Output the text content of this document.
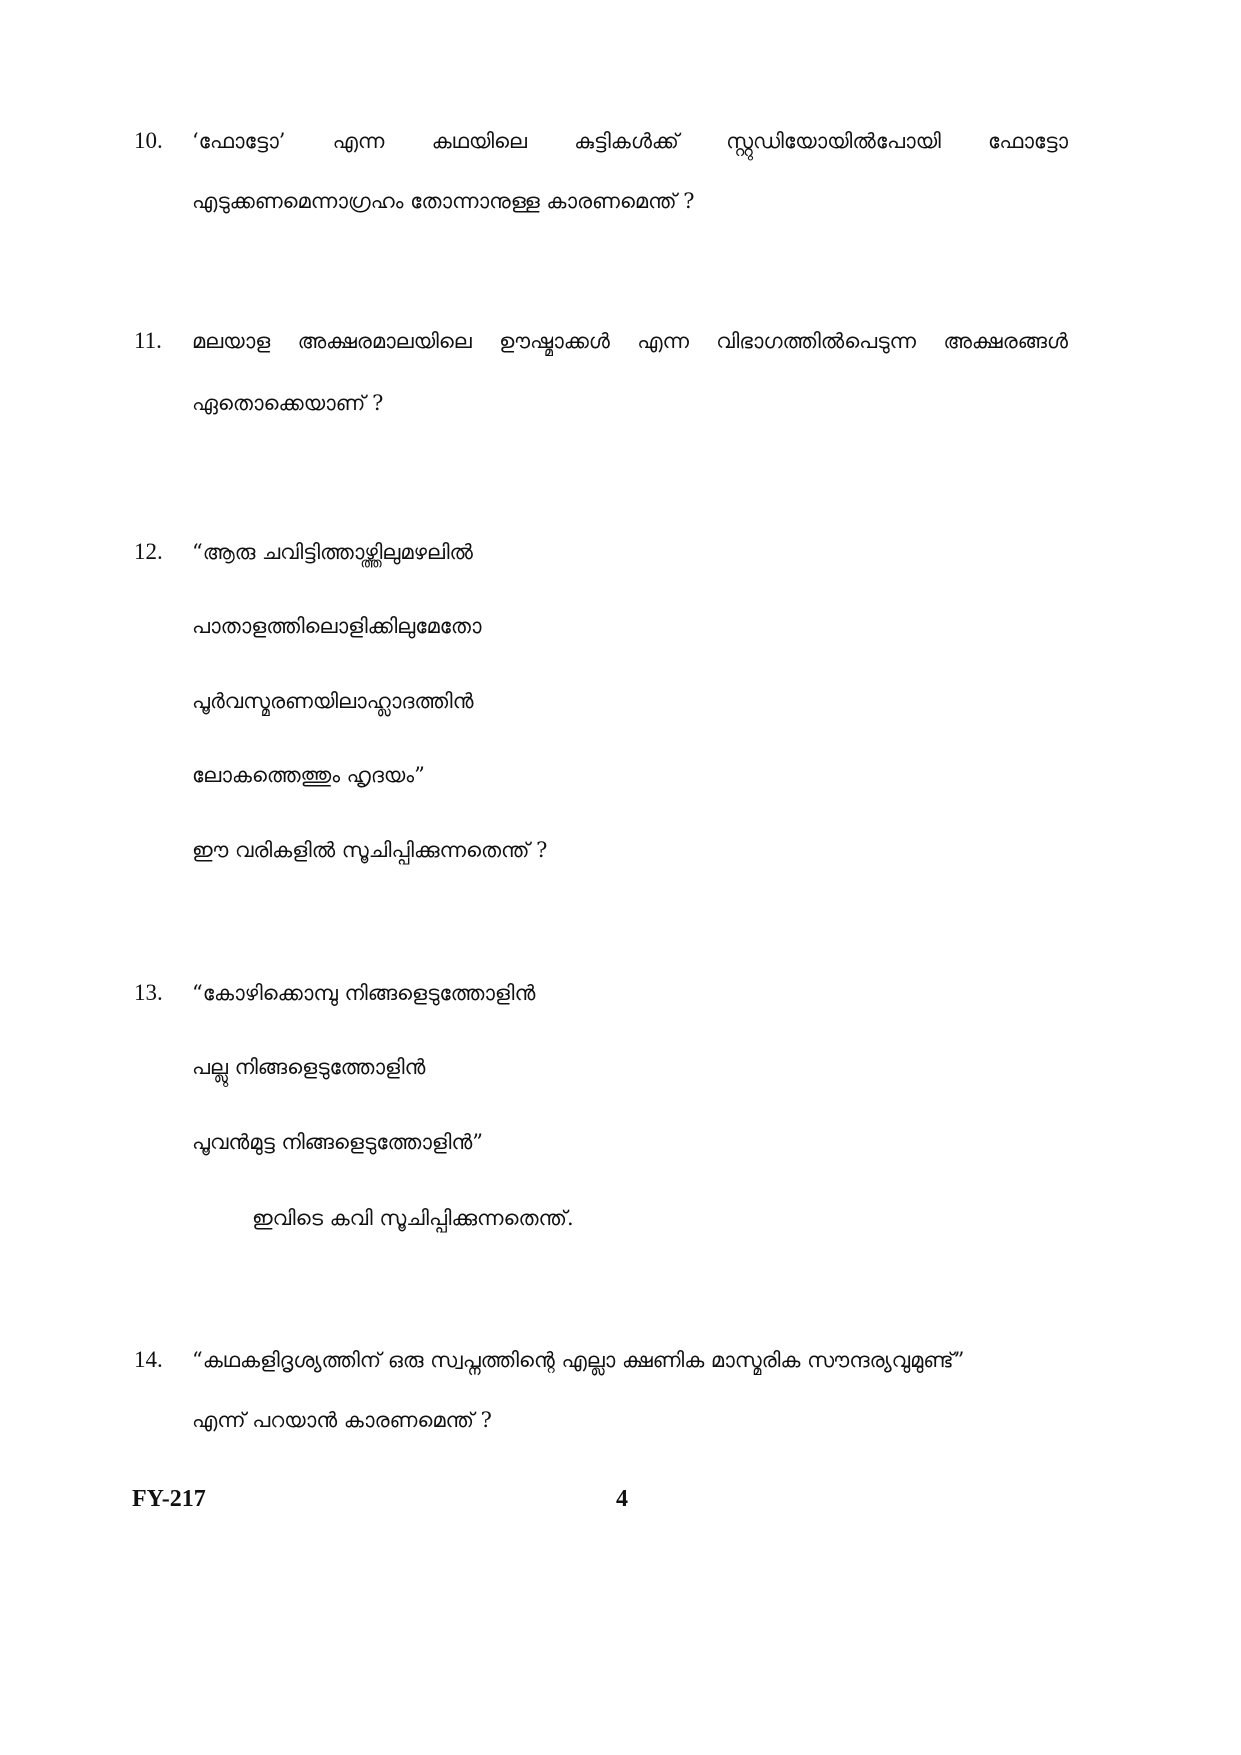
10. ‘ഫോട്ടോ’ എന്ന കഥയിലെ കുട്ടികൾക്ക് സ്റ്റുഡിയോയിൽപോയി ഫോട്ടോ
എടുക്കണമെന്നാഗ്രഹം തോന്നാനുള്ള കാരണമെന്ത് ?
11. മലയാള അക്ഷരമാലയിലെ ഊഷ്മാക്കൾ എന്ന വിഭാഗത്തിൽപെടുന്ന അക്ഷരങ്ങൾ
ഏതൊക്കെയാണ് ?
12. “ആരു ചവിട്ടിത്താഴ്ത്തിലുമഴലിൽ
പാതാളത്തിലൊളിക്കിലുമേതോ
പൂർവസ്മരണയിലാഹ്ലാദത്തിൻ
ലോകത്തെത്തും ഹൃദയം”
ഈ വരികളിൽ സൂചിപ്പിക്കുന്നതെന്ത് ?
13. “കോഴിക്കൊമ്പു നിങ്ങളെടുത്തോളിൻ
പല്ലു നിങ്ങളെടുത്തോളിൻ
പൂവൻമുട്ട നിങ്ങളെടുത്തോളിൻ”
ഇവിടെ കവി സൂചിപ്പിക്കുന്നതെന്ത്.
14. “കഥകളിദൃശ്യത്തിന് ഒരു സ്വപ്നത്തിന്റെ എല്ലാ ക്ഷണിക മാസ്മരിക സൗന്ദര്യവുമുണ്ട്”
എന്ന് പറയാൻ കാരണമെന്ത് ?
FY-217	4
